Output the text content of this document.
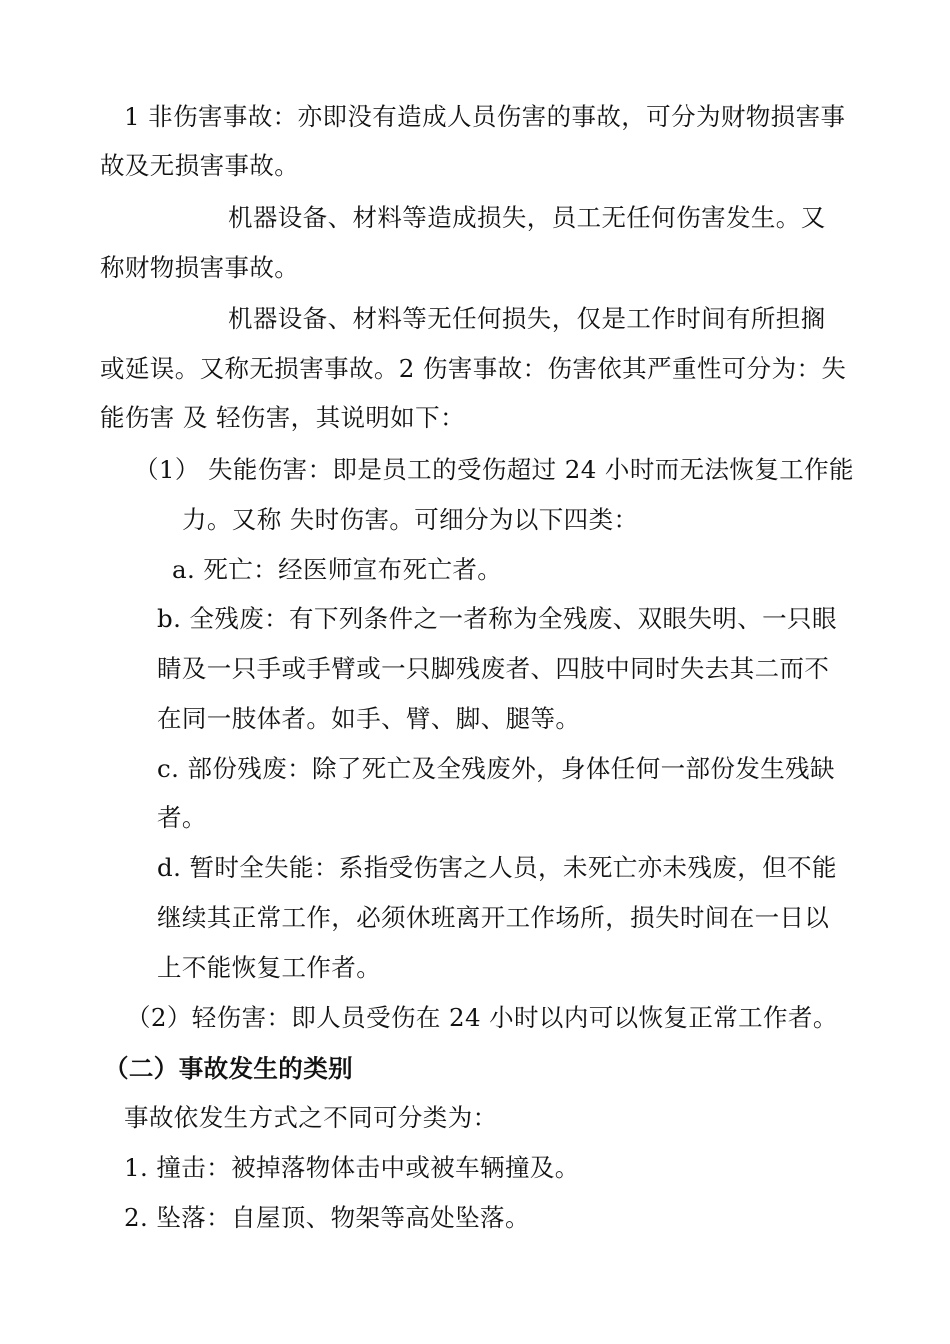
1 非伤害事故：亦即没有造成人员伤害的事故，可分为财物损害事
故及无损害事故。
机器设备、材料等造成损失，员工无任何伤害发生。又
称财物损害事故。
机器设备、材料等无任何损失，仅是工作时间有所担搁
或延误。又称无损害事故。2 伤害事故：伤害依其严重性可分为：失
能伤害 及 轻伤害，其说明如下：
（1） 失能伤害：即是员工的受伤超过 24 小时而无法恢复工作能
力。又称 失时伤害。可细分为以下四类：
a. 死亡：经医师宣布死亡者。
b. 全残废：有下列条件之一者称为全残废、双眼失明、一只眼
睛及一只手或手臂或一只脚残废者、四肢中同时失去其二而不
在同一肢体者。如手、臂、脚、腿等。
c. 部份残废：除了死亡及全残废外，身体任何一部份发生残缺
者。
d. 暂时全失能：系指受伤害之人员，未死亡亦未残废，但不能
继续其正常工作，必须休班离开工作场所，损失时间在一日以
上不能恢复工作者。
（2）轻伤害：即人员受伤在 24 小时以内可以恢复正常工作者。
（二）事故发生的类别
事故依发生方式之不同可分类为：
1. 撞击：被掉落物体击中或被车辆撞及。
2. 坠落：自屋顶、物架等高处坠落。
